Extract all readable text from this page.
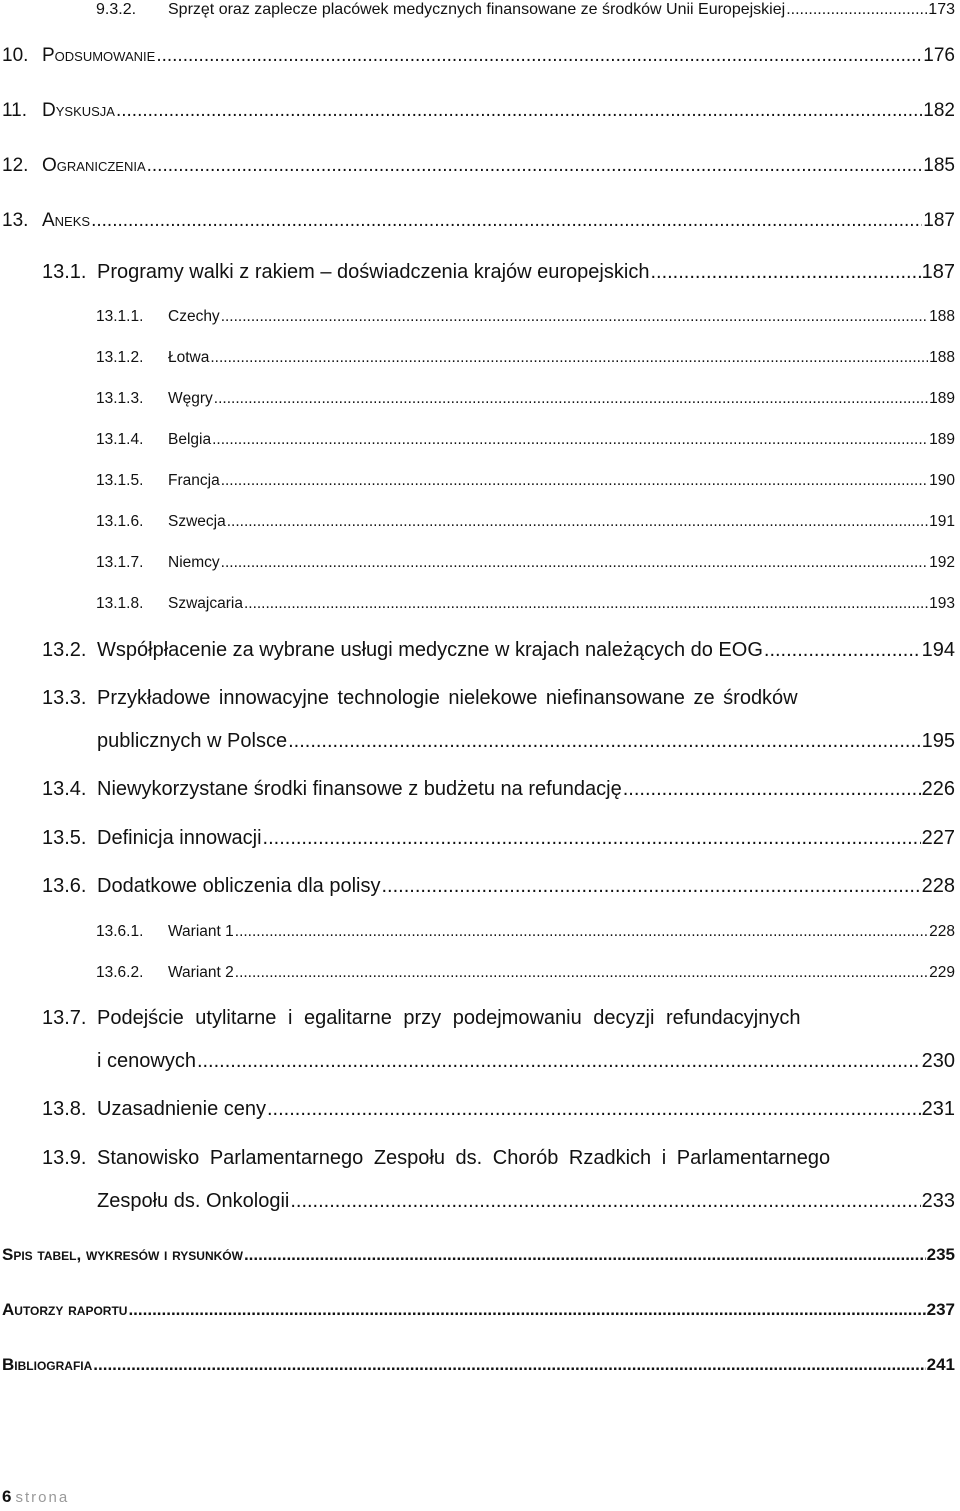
9.3.2.	Sprzęt oraz zaplecze placówek medycznych finansowane ze środków Unii Europejskiej .....	173
10. Podsumowanie .....	176
11. Dyskusja .....	182
12. Ograniczenia .....	185
13. Aneks .....	187
13.1. Programy walki z rakiem – doświadczenia krajów europejskich .....	187
13.1.1.	Czechy .....	188
13.1.2.	Łotwa .....	188
13.1.3.	Węgry .....	189
13.1.4.	Belgia .....	189
13.1.5.	Francja .....	190
13.1.6.	Szwecja .....	191
13.1.7.	Niemcy .....	192
13.1.8.	Szwajcaria .....	193
13.2. Współpłacenie za wybrane usługi medyczne w krajach należących do EOG .....	194
13.3. Przykładowe innowacyjne technologie nielekowe niefinansowane ze środków
publicznych w Polsce .....	195
13.4. Niewykorzystane środki finansowe z budżetu na refundację .....	226
13.5. Definicja innowacji .....	227
13.6. Dodatkowe obliczenia dla polisy .....	228
13.6.1.	Wariant 1 .....	228
13.6.2.	Wariant 2 .....	229
13.7. Podejście utylitarne i egalitarne przy podejmowaniu decyzji refundacyjnych
i cenowych .....	230
13.8. Uzasadnienie ceny .....	231
13.9. Stanowisko Parlamentarnego Zespołu ds. Chorób Rzadkich i Parlamentarnego
Zespołu ds. Onkologii .....	233
Spis tabel, wykresów i rysunków .....	235
Autorzy raportu .....	237
Bibliografia .....	241
6 strona
